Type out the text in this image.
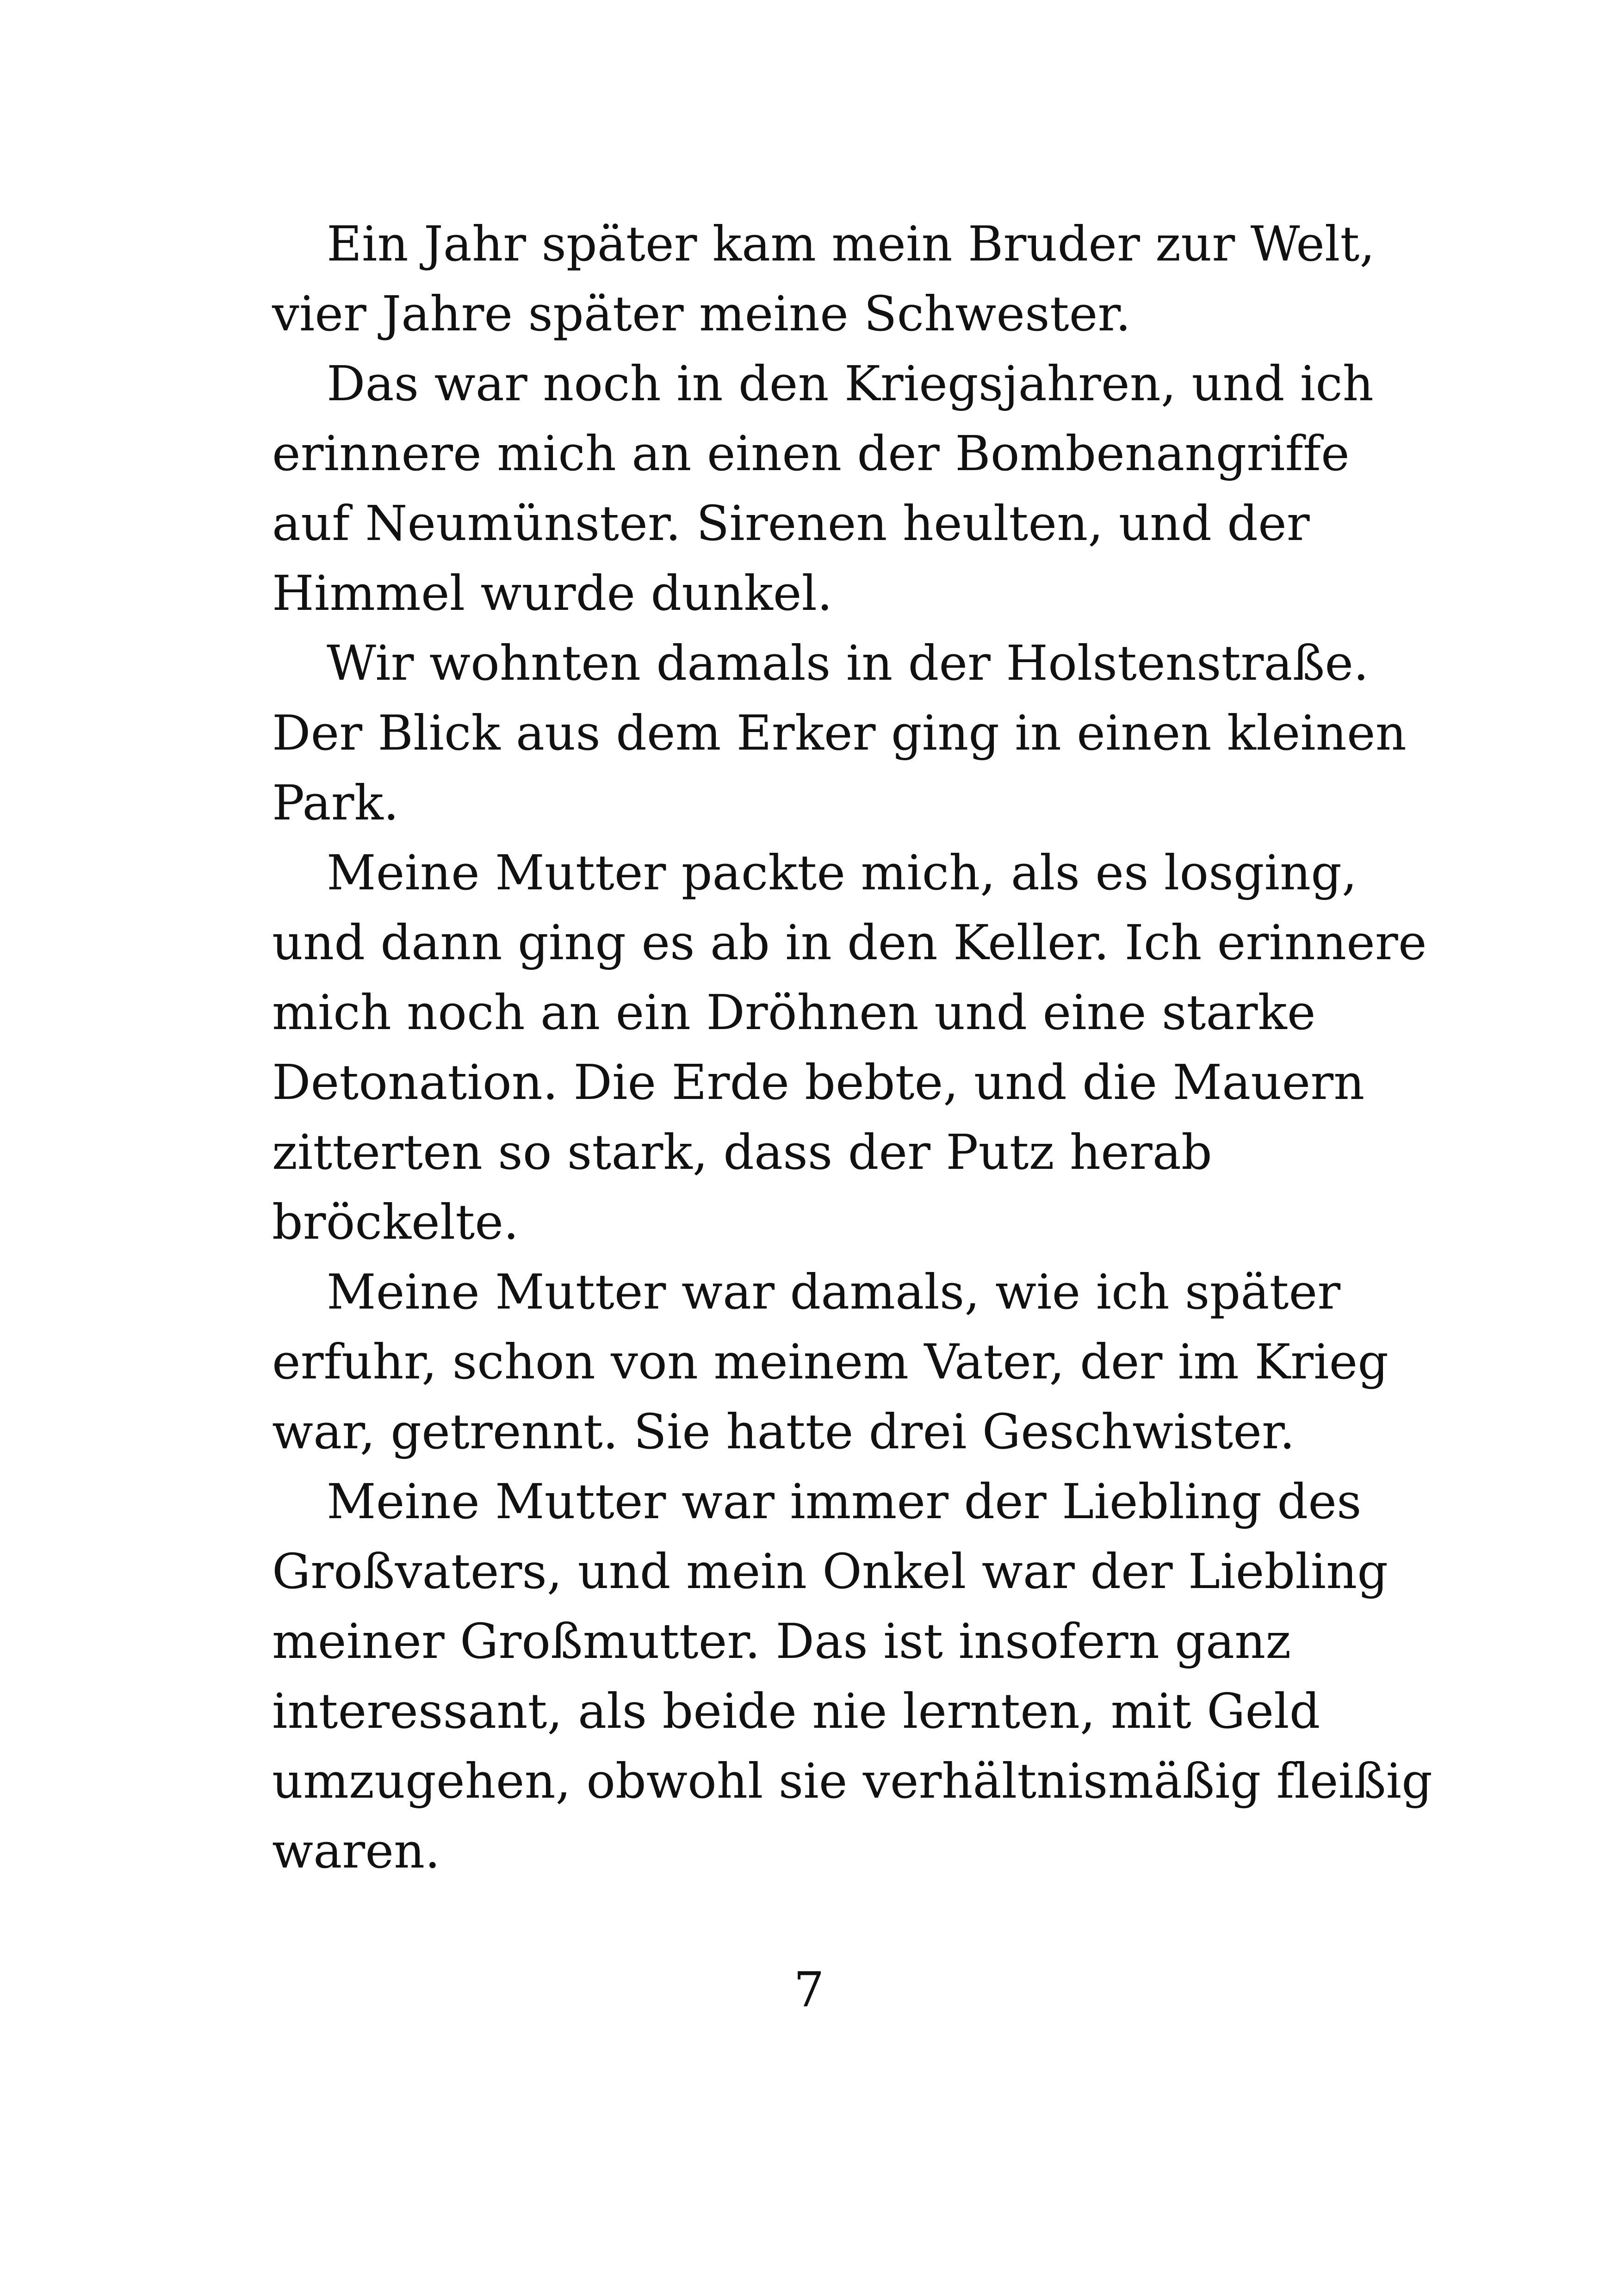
Ein Jahr später kam mein Bruder zur Welt,
vier Jahre später meine Schwester.

Das war noch in den Kriegsjahren, und ich
erinnere mich an einen der Bombenangriffe
auf Neumünster. Sirenen heulten, und der
Himmel wurde dunkel.

Wir wohnten damals in der Holstenstraße.
Der Blick aus dem Erker ging in einen kleinen
Park.

Meine Mutter packte mich, als es losging,
und dann ging es ab in den Keller. Ich erinnere
mich noch an ein Dröhnen und eine starke
Detonation. Die Erde bebte, und die Mauern
zitterten so stark, dass der Putz herab
bröckelte.

Meine Mutter war damals, wie ich später
erfuhr, schon von meinem Vater, der im Krieg
war, getrennt. Sie hatte drei Geschwister.

Meine Mutter war immer der Liebling des
Großvaters, und mein Onkel war der Liebling
meiner Großmutter. Das ist insofern ganz
interessant, als beide nie lernten, mit Geld
umzugehen, obwohl sie verhältnismäßig fleißig
waren.

7
